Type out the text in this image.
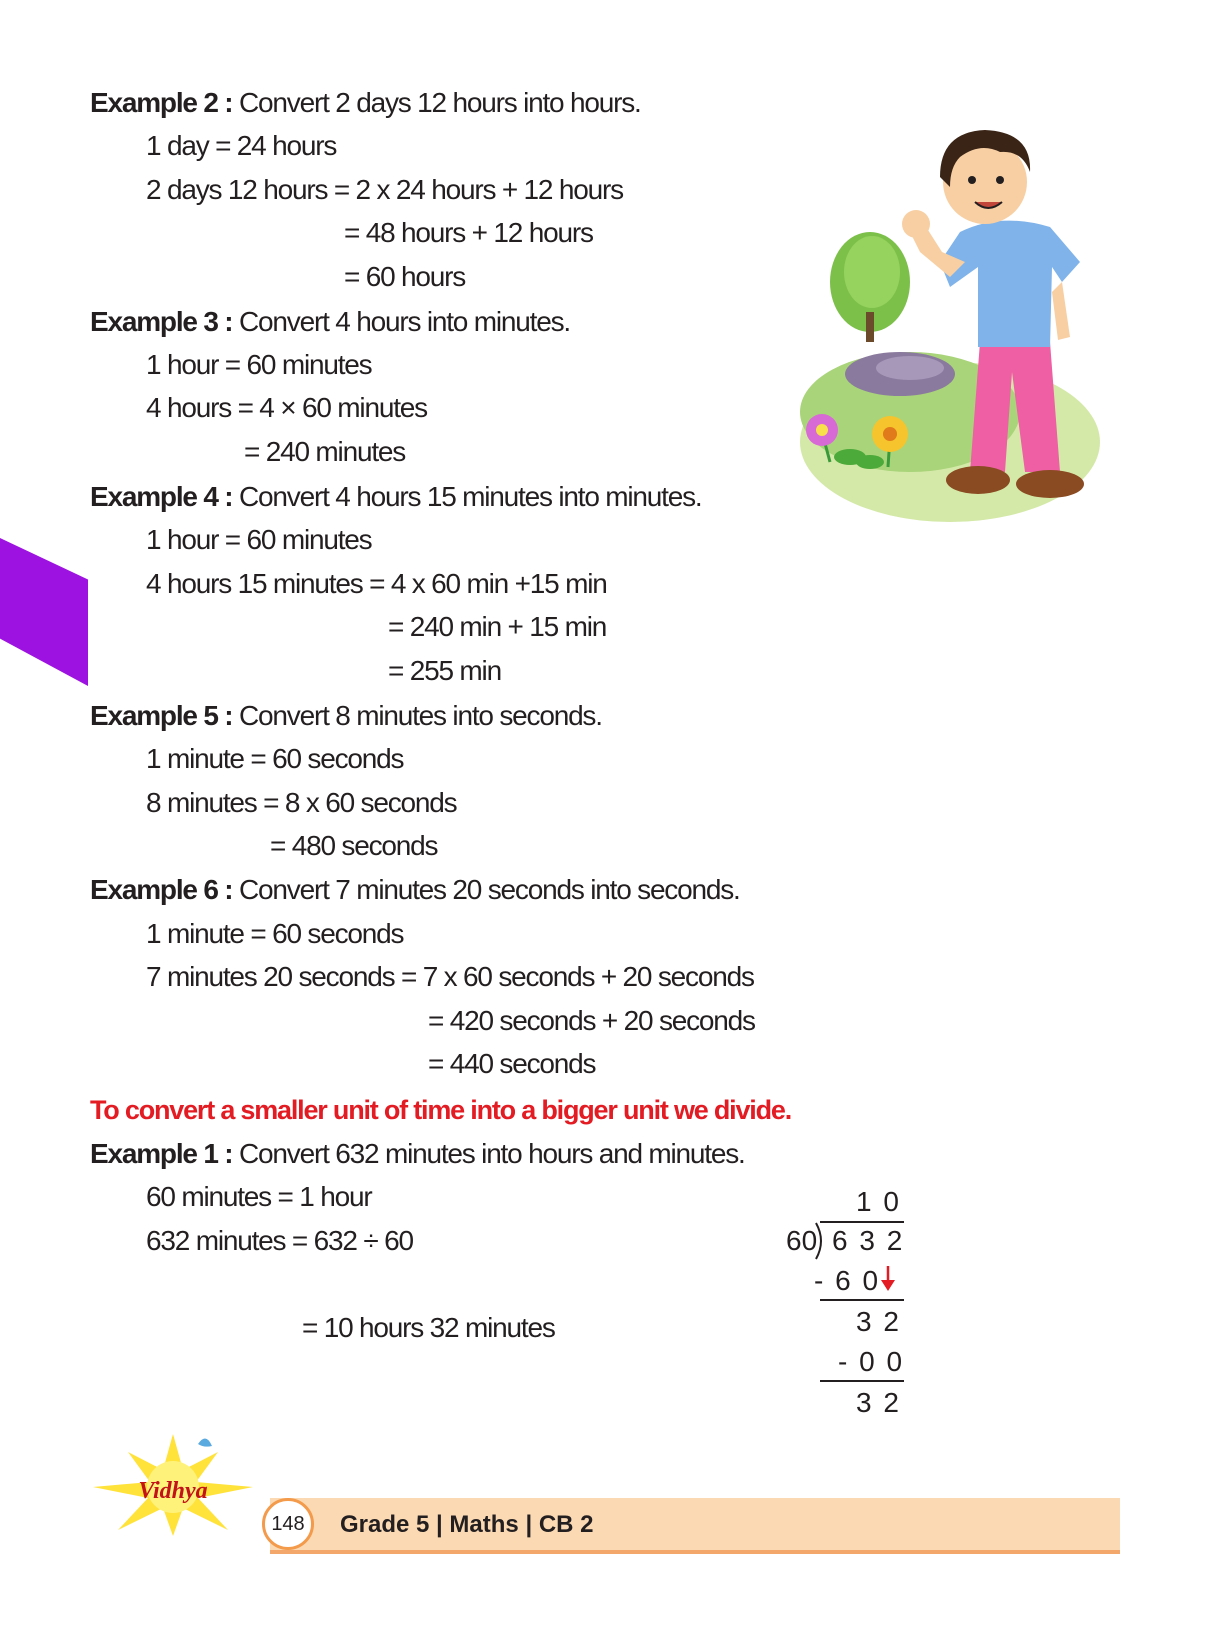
Example 2 : Convert 2 days 12 hours into hours.
1 day = 24 hours
2 days 12 hours = 2 x 24 hours + 12 hours
= 48 hours + 12 hours
= 60 hours
Example 3 : Convert 4 hours into minutes.
1 hour = 60 minutes
4 hours = 4 × 60 minutes
= 240 minutes
Example 4 : Convert 4 hours 15 minutes into minutes.
1 hour = 60 minutes
4 hours 15 minutes = 4 x 60 min +15 min
= 240 min + 15 min
= 255 min
Example 5 : Convert 8 minutes into seconds.
1 minute = 60 seconds
8 minutes = 8 x 60 seconds
= 480 seconds
Example 6 : Convert 7 minutes 20 seconds into seconds.
1 minute = 60 seconds
7 minutes 20 seconds = 7 x 60 seconds + 20 seconds
= 420 seconds + 20 seconds
= 440 seconds
To convert a smaller unit of time into a bigger unit we divide.
Example 1 : Convert 632 minutes into hours and minutes.
60 minutes = 1 hour
632 minutes = 632 ÷ 60
= 10 hours 32 minutes
1 0
60 6 3 2
- 6 0
3 2
- 0 0
3 2
Vidhya
148	Grade 5 | Maths | CB 2
